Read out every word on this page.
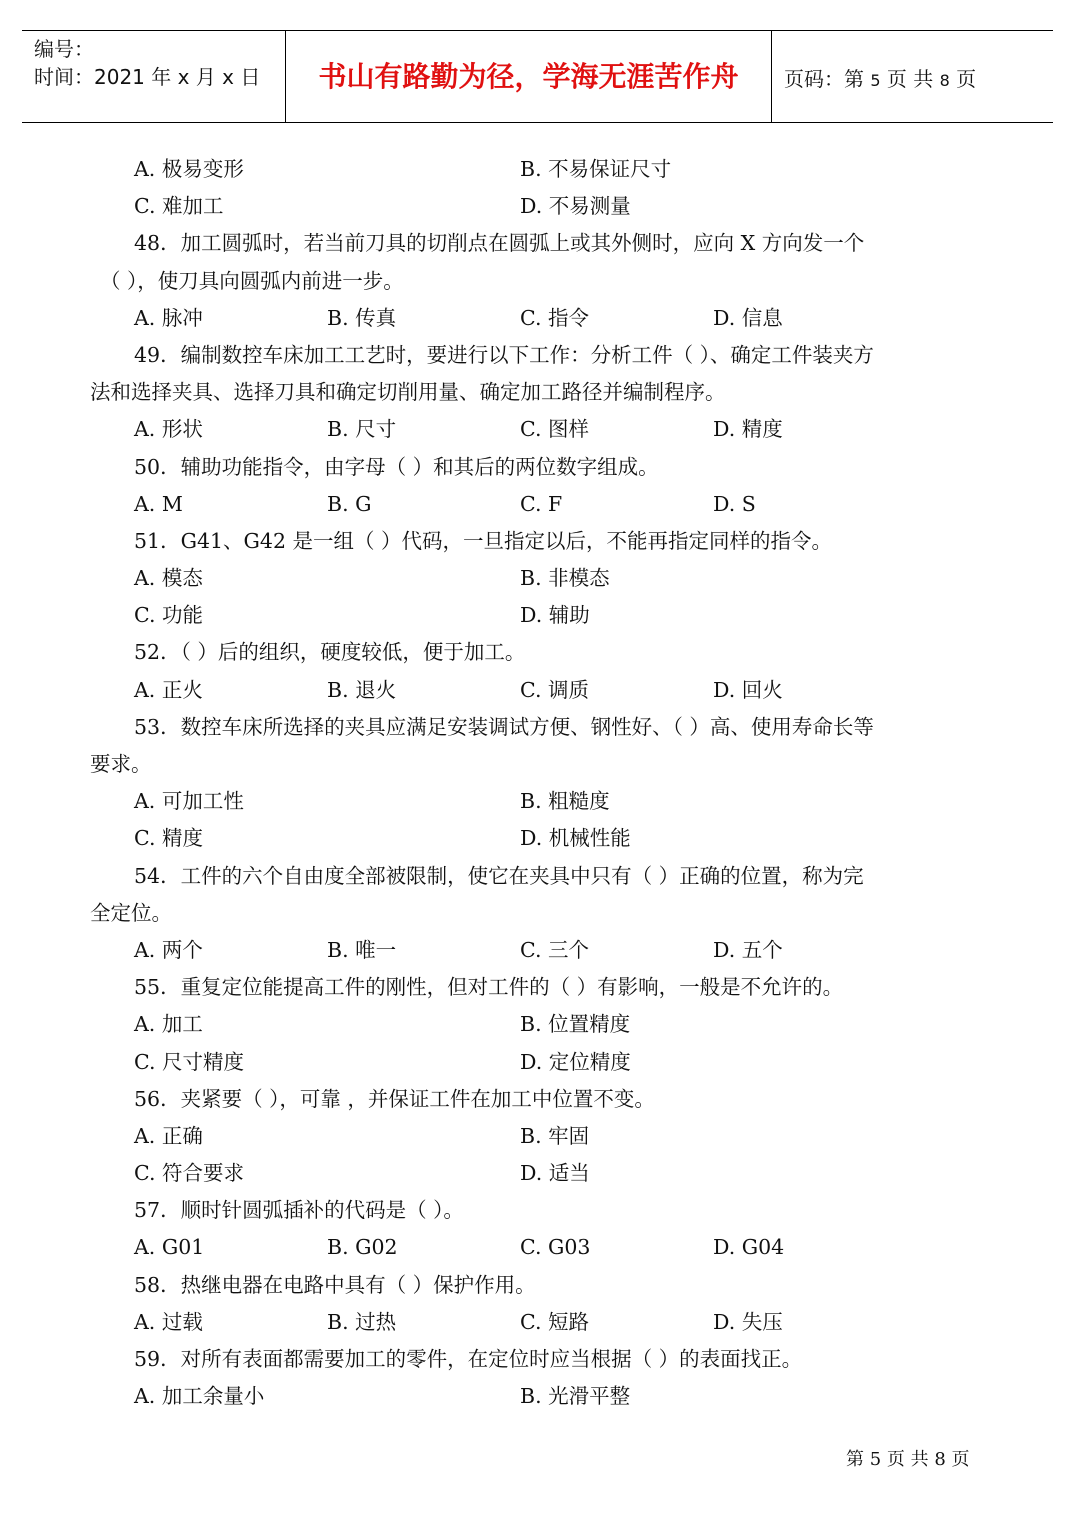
编号：
时间：2021 年 x 月 x 日	书山有路勤为径，学海无涯苦作舟	页码：第 5 页 共 8 页
A. 极易变形	B. 不易保证尺寸
C. 难加工	D. 不易测量
48．加工圆弧时，若当前刀具的切削点在圆弧上或其外侧时，应向 X 方向发一个
（ ），使刀具向圆弧内前进一步。
A. 脉冲	B. 传真	C. 指令	D. 信息
49．编制数控车床加工工艺时，要进行以下工作：分析工件（ ）、确定工件装夹方
法和选择夹具、选择刀具和确定切削用量、确定加工路径并编制程序。
A. 形状	B. 尺寸	C. 图样	D. 精度
50．辅助功能指令，由字母（ ）和其后的两位数字组成。
A. M	B. G	C. F	D. S
51．G41、G42 是一组（ ）代码，一旦指定以后，不能再指定同样的指令。
A. 模态	B. 非模态
C. 功能	D. 辅助
52．（ ）后的组织，硬度较低，便于加工。
A. 正火	B. 退火	C. 调质	D. 回火
53．数控车床所选择的夹具应满足安装调试方便、钢性好、（ ）高、使用寿命长等
要求。
A. 可加工性	B. 粗糙度
C. 精度	D. 机械性能
54．工件的六个自由度全部被限制，使它在夹具中只有（ ）正确的位置，称为完
全定位。
A. 两个	B. 唯一	C. 三个	D. 五个
55．重复定位能提高工件的刚性，但对工件的（ ）有影响，一般是不允许的。
A. 加工	B. 位置精度
C. 尺寸精度	D. 定位精度
56．夹紧要（ ），可靠 ，并保证工件在加工中位置不变。
A. 正确	B. 牢固
C. 符合要求	D. 适当
57．顺时针圆弧插补的代码是（ ）。
A. G01	B. G02	C. G03	D. G04
58．热继电器在电路中具有（ ）保护作用。
A. 过载	B. 过热	C. 短路	D. 失压
59．对所有表面都需要加工的零件，在定位时应当根据（ ）的表面找正。
A. 加工余量小	B. 光滑平整
第 5 页 共 8 页
